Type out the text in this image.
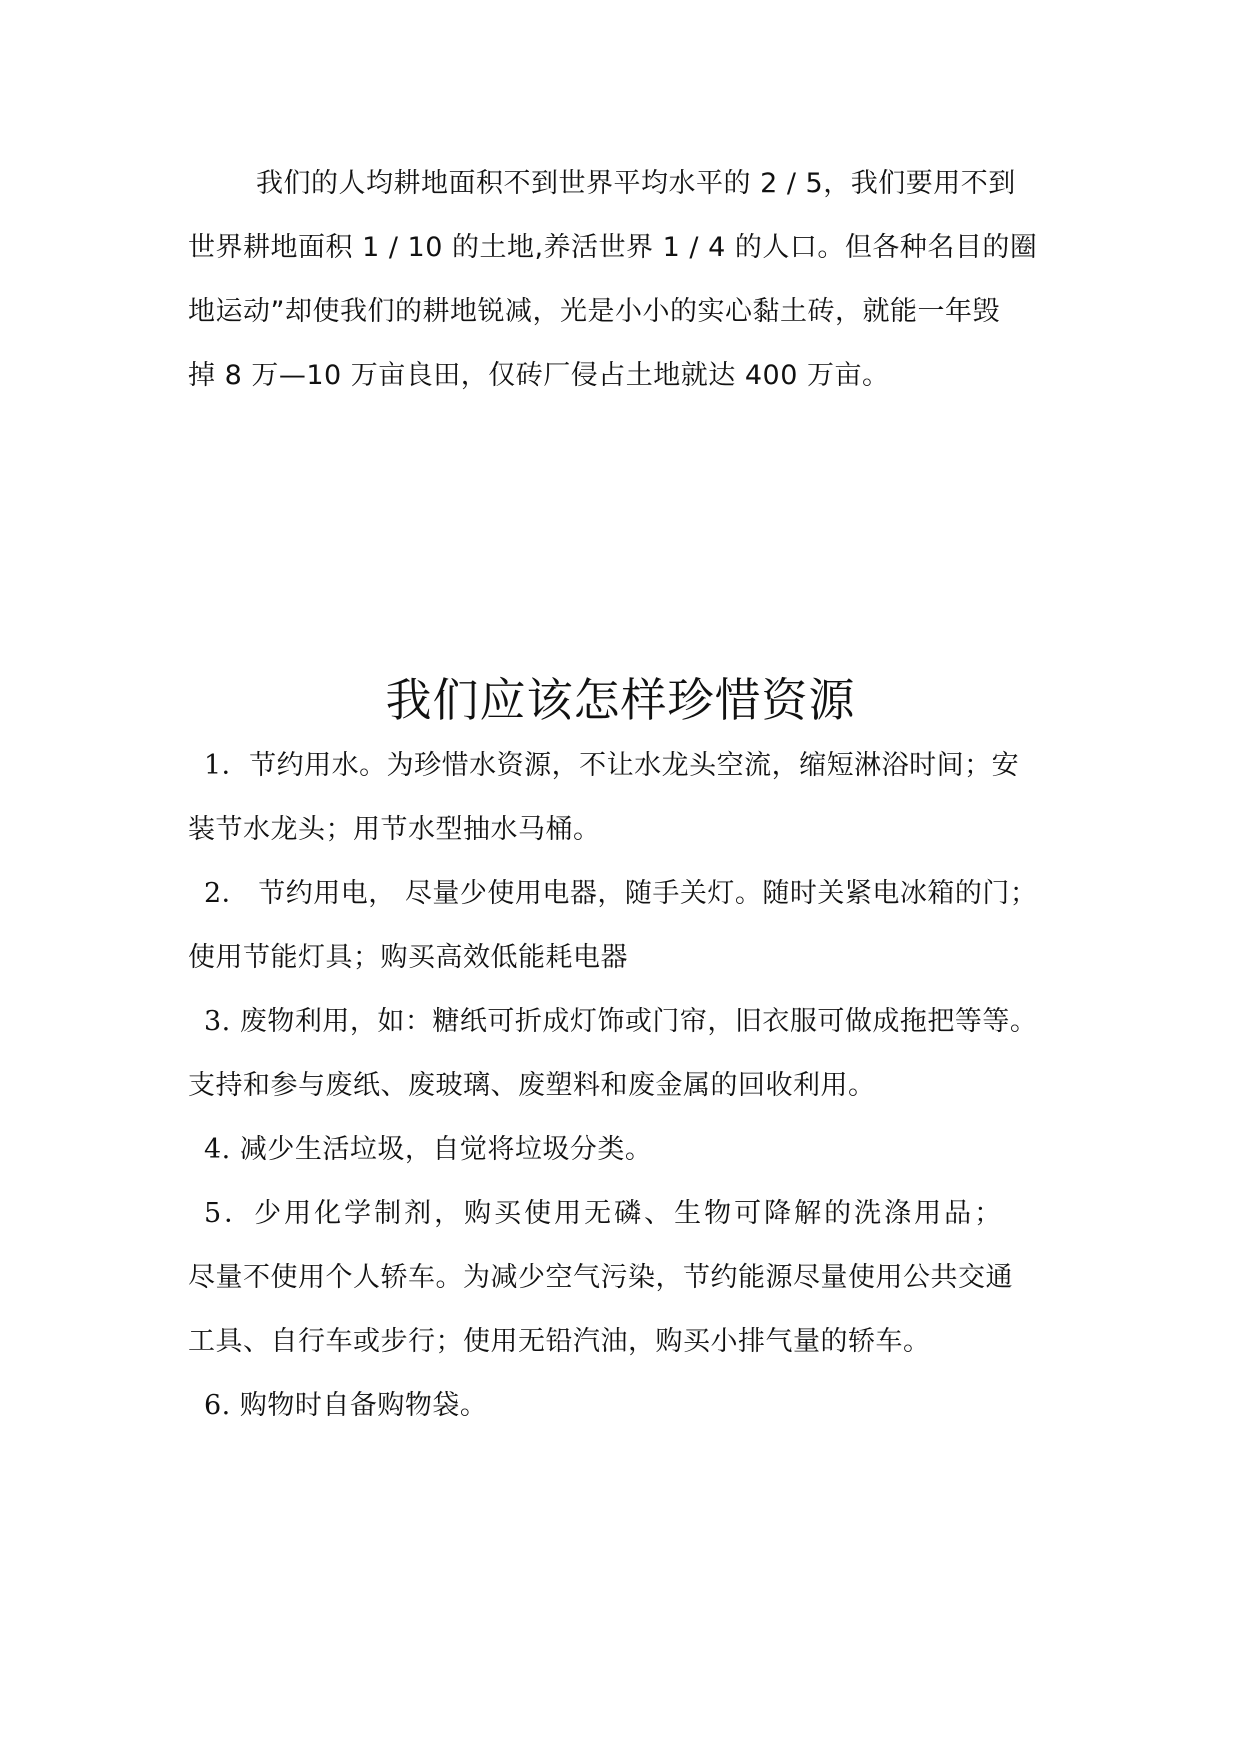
我们的人均耕地面积不到世界平均水平的 2 / 5，我们要用不到
世界耕地面积 1 / 10 的土地,养活世界 1 / 4 的人口。但各种名目的圈
地运动”却使我们的耕地锐减，光是小小的实心黏土砖，就能一年毁
掉 8 万—10 万亩良田，仅砖厂侵占土地就达 400 万亩。
我们应该怎样珍惜资源
1．节约用水。为珍惜水资源，不让水龙头空流，缩短淋浴时间；安
装节水龙头；用节水型抽水马桶。
2． 节约用电， 尽量少使用电器，随手关灯。随时关紧电冰箱的门；
使用节能灯具；购买高效低能耗电器
3. 废物利用，如：糖纸可折成灯饰或门帘，旧衣服可做成拖把等等。
支持和参与废纸、废玻璃、废塑料和废金属的回收利用。
4. 减少生活垃圾，自觉将垃圾分类。
5．少用化学制剂，购买使用无磷、生物可降解的洗涤用品；
尽量不使用个人轿车。为减少空气污染，节约能源尽量使用公共交通
工具、自行车或步行；使用无铅汽油，购买小排气量的轿车。
6. 购物时自备购物袋。
